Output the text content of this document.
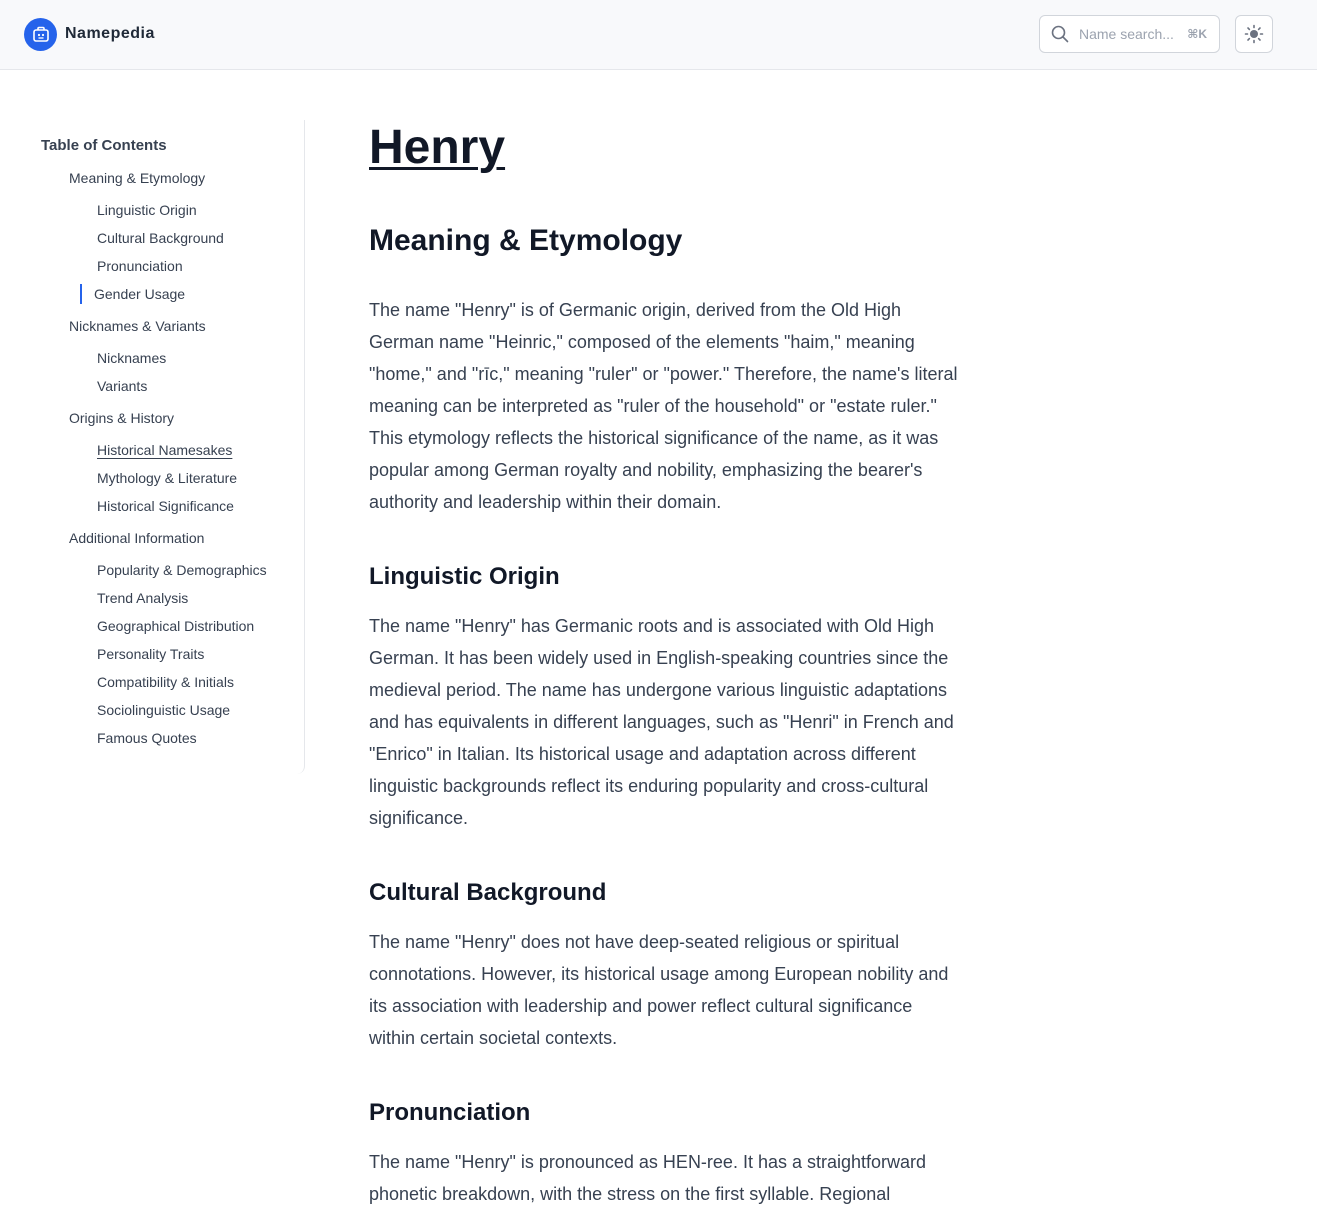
Namepedia	Name search...	⌘K
Table of Contents
Meaning & Etymology
Linguistic Origin
Cultural Background
Pronunciation
Gender Usage
Nicknames & Variants
Nicknames
Variants
Origins & History
Historical Namesakes
Mythology & Literature
Historical Significance
Additional Information
Popularity & Demographics
Trend Analysis
Geographical Distribution
Personality Traits
Compatibility & Initials
Sociolinguistic Usage
Famous Quotes
Henry
Meaning & Etymology

The name "Henry" is of Germanic origin, derived from the Old High German name "Heinric," composed of the elements "haim," meaning "home," and "rīc," meaning "ruler" or "power." Therefore, the name's literal meaning can be interpreted as "ruler of the household" or "estate ruler." This etymology reflects the historical significance of the name, as it was popular among German royalty and nobility, emphasizing the bearer's authority and leadership within their domain.

Linguistic Origin

The name "Henry" has Germanic roots and is associated with Old High German. It has been widely used in English-speaking countries since the medieval period. The name has undergone various linguistic adaptations and has equivalents in different languages, such as "Henri" in French and "Enrico" in Italian. Its historical usage and adaptation across different linguistic backgrounds reflect its enduring popularity and cross-cultural significance.

Cultural Background

The name "Henry" does not have deep-seated religious or spiritual connotations. However, its historical usage among European nobility and its association with leadership and power reflect cultural significance within certain societal contexts.

Pronunciation

The name "Henry" is pronounced as HEN-ree. It has a straightforward phonetic breakdown, with the stress on the first syllable. Regional
